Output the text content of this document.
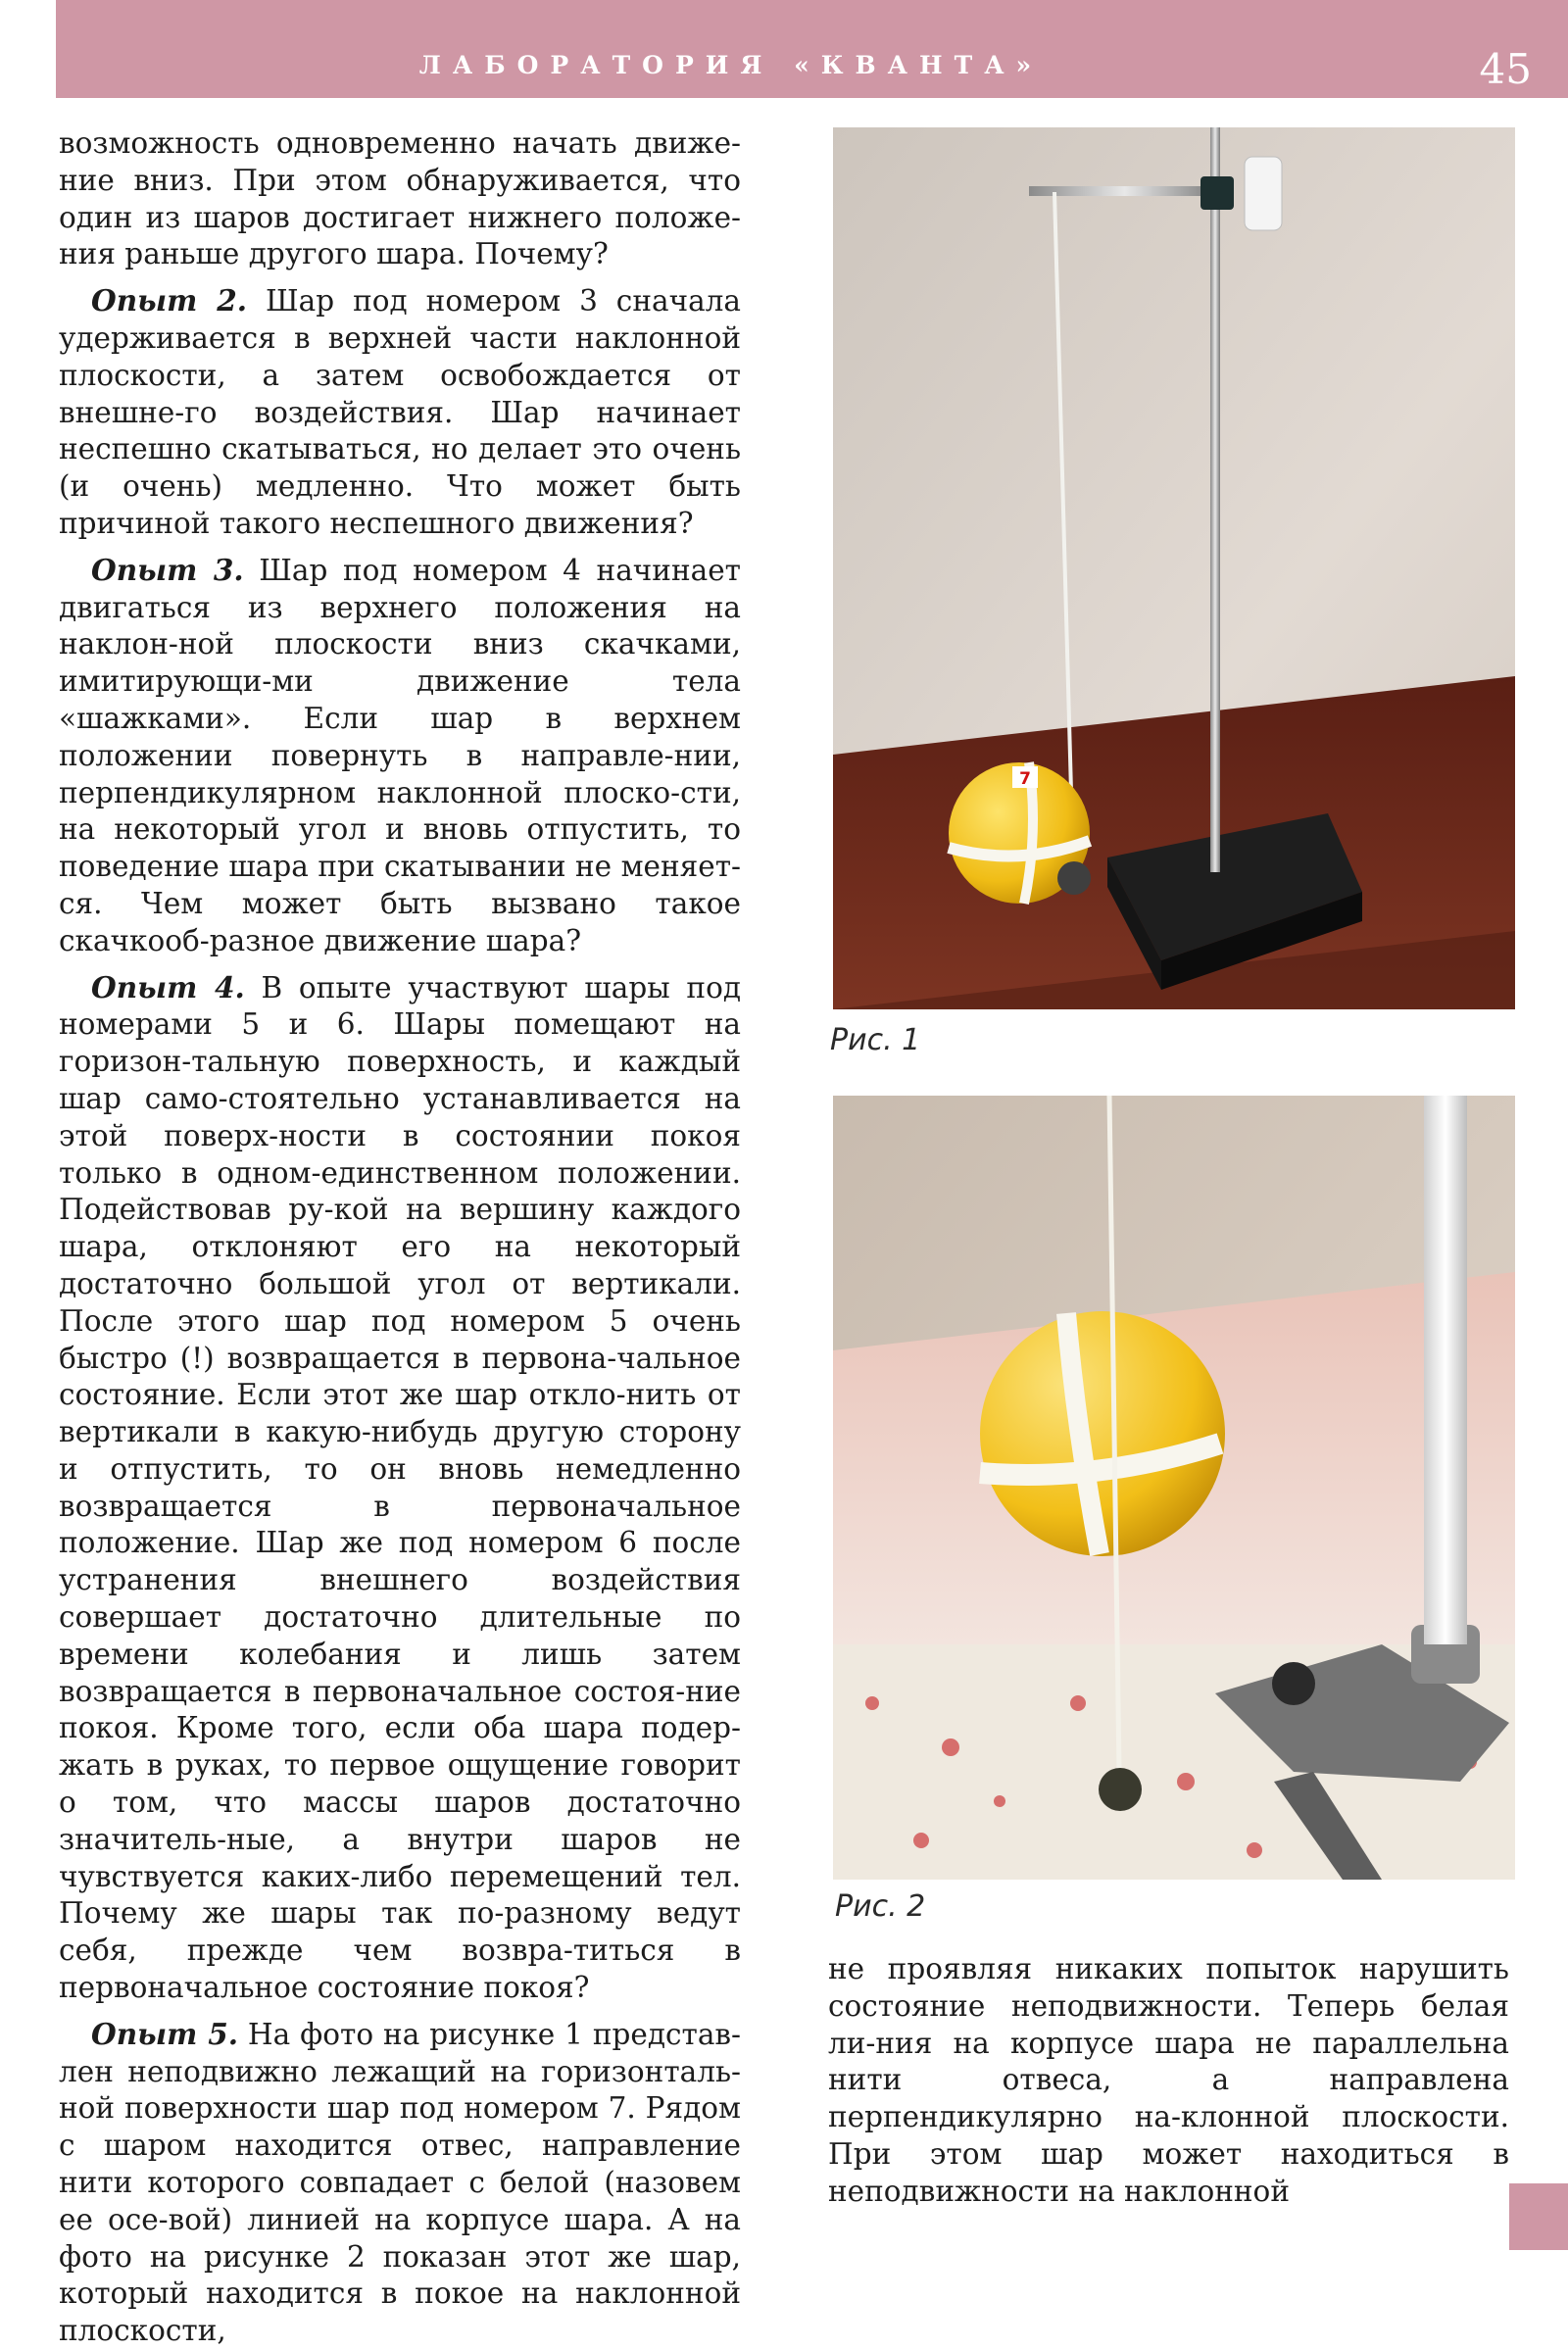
ЛАБОРАТОРИЯ «КВАНТА»	45

возможность одновременно начать движе-ние вниз. При этом обнаруживается, что один из шаров достигает нижнего положе-ния раньше другого шара. Почему?

Опыт 2. Шар под номером 3 сначала удерживается в верхней части наклонной плоскости, а затем освобождается от внешне-го воздействия. Шар начинает неспешно скатываться, но делает это очень (и очень) медленно. Что может быть причиной такого неспешного движения?

Опыт 3. Шар под номером 4 начинает двигаться из верхнего положения на наклон-ной плоскости вниз скачками, имитирующи-ми движение тела «шажками». Если шар в верхнем положении повернуть в направле-нии, перпендикулярном наклонной плоско-сти, на некоторый угол и вновь отпустить, то поведение шара при скатывании не меняет-ся. Чем может быть вызвано такое скачкооб-разное движение шара?

Опыт 4. В опыте участвуют шары под номерами 5 и 6. Шары помещают на горизон-тальную поверхность, и каждый шар само-стоятельно устанавливается на этой поверх-ности в состоянии покоя только в одном-единственном положении. Подействовав ру-кой на вершину каждого шара, отклоняют его на некоторый достаточно большой угол от вертикали. После этого шар под номером 5 очень быстро (!) возвращается в первона-чальное состояние. Если этот же шар откло-нить от вертикали в какую-нибудь другую сторону и отпустить, то он вновь немедленно возвращается в первоначальное положение. Шар же под номером 6 после устранения внешнего воздействия совершает достаточно длительные по времени колебания и лишь затем возвращается в первоначальное состоя-ние покоя. Кроме того, если оба шара подер-жать в руках, то первое ощущение говорит о том, что массы шаров достаточно значитель-ные, а внутри шаров не чувствуется каких-либо перемещений тел. Почему же шары так по-разному ведут себя, прежде чем возвра-титься в первоначальное состояние покоя?

Опыт 5. На фото на рисунке 1 представ-лен неподвижно лежащий на горизонталь-ной поверхности шар под номером 7. Рядом с шаром находится отвес, направление нити которого совпадает с белой (назовем ее осе-вой) линией на корпусе шара. А на фото на рисунке 2 показан этот же шар, который находится в покое на наклонной плоскости,

7
Рис. 1
Рис. 2

не проявляя никаких попыток нарушить состояние неподвижности. Теперь белая ли-ния на корпусе шара не параллельна нити отвеса, а направлена перпендикулярно на-клонной плоскости. При этом шар может находиться в неподвижности на наклонной
